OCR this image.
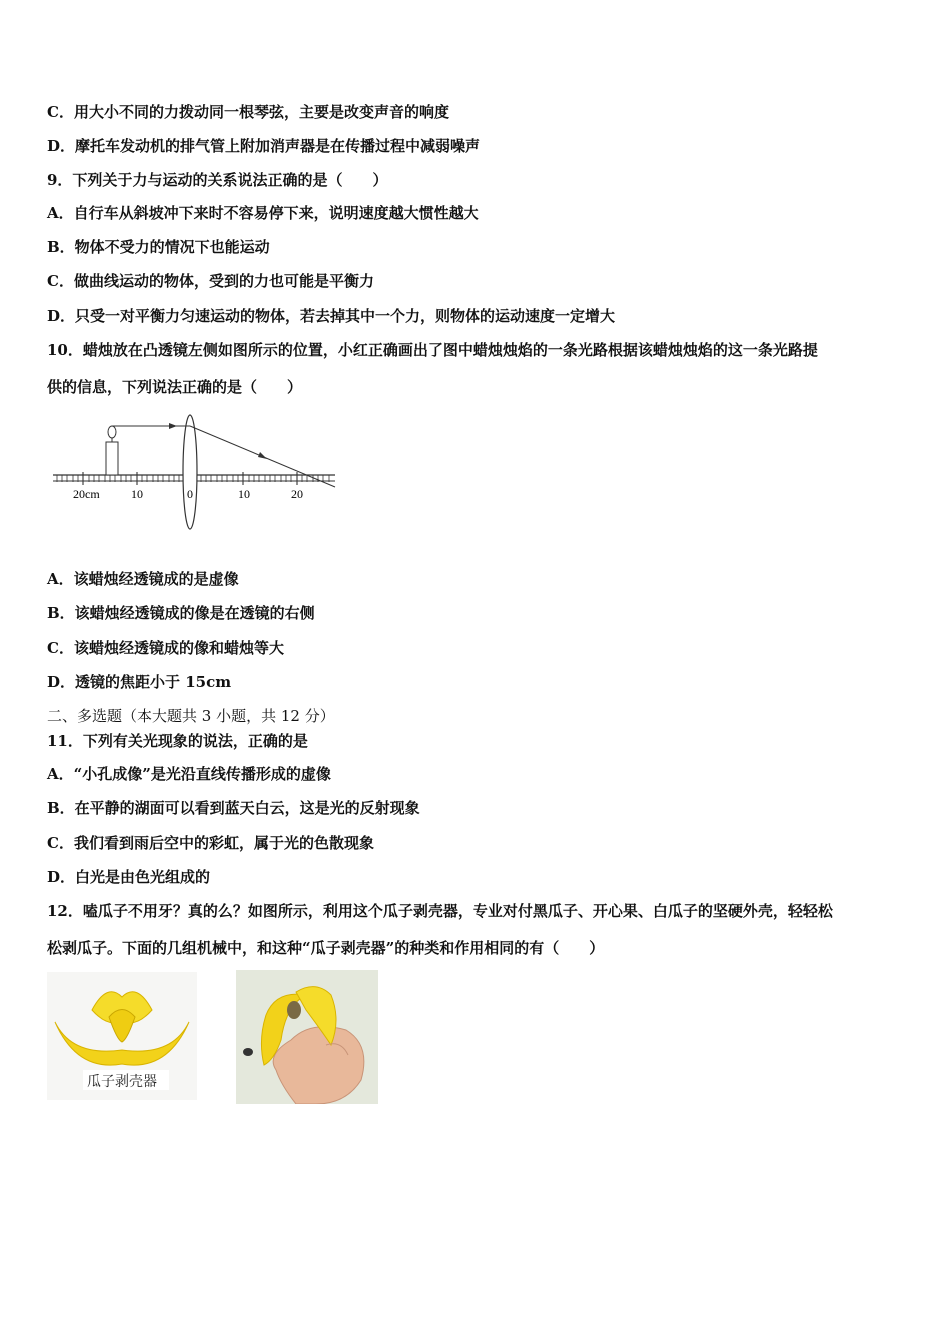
C．用大小不同的力拨动同一根琴弦，主要是改变声音的响度
D．摩托车发动机的排气管上附加消声器是在传播过程中减弱噪声
9．下列关于力与运动的关系说法正确的是（　　）
A．自行车从斜坡冲下来时不容易停下来，说明速度越大惯性越大
B．物体不受力的情况下也能运动
C．做曲线运动的物体，受到的力也可能是平衡力
D．只受一对平衡力匀速运动的物体，若去掉其中一个力，则物体的运动速度一定增大
10．蜡烛放在凸透镜左侧如图所示的位置，小红正确画出了图中蜡烛烛焰的一条光路根据该蜡烛烛焰的这一条光路提
供的信息，下列说法正确的是（　　）
20cm	10	0	10	20
A．该蜡烛经透镜成的是虚像
B．该蜡烛经透镜成的像是在透镜的右侧
C．该蜡烛经透镜成的像和蜡烛等大
D．透镜的焦距小于 15cm
二、多选题（本大题共 3 小题，共 12 分）
11．下列有关光现象的说法，正确的是
A．“小孔成像”是光沿直线传播形成的虚像
B．在平静的湖面可以看到蓝天白云，这是光的反射现象
C．我们看到雨后空中的彩虹，属于光的色散现象
D．白光是由色光组成的
12．嗑瓜子不用牙？真的么？如图所示，利用这个瓜子剥壳器，专业对付黑瓜子、开心果、白瓜子的坚硬外壳，轻轻松
松剥瓜子。下面的几组机械中，和这种“瓜子剥壳器”的种类和作用相同的有（　　）
瓜子剥壳器
